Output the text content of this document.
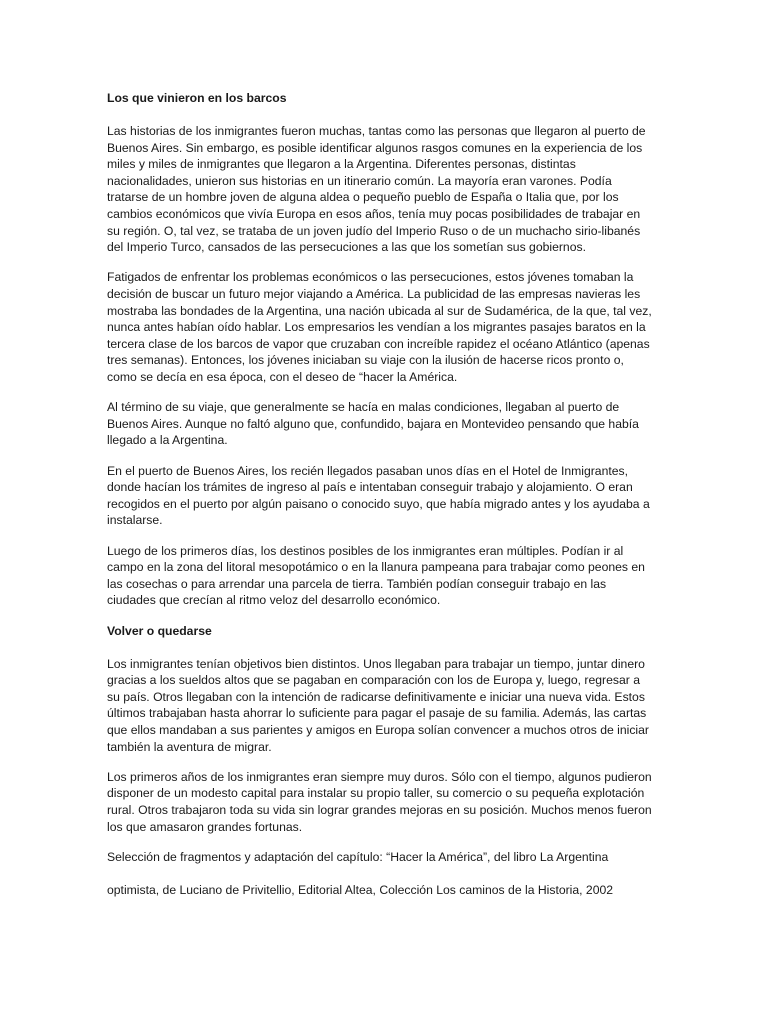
Los que vinieron en los barcos

Las historias de los inmigrantes fueron muchas, tantas como las personas que llegaron al puerto de Buenos Aires. Sin embargo, es posible identificar algunos rasgos comunes en la experiencia de los miles y miles de inmigrantes que llegaron a la Argentina. Diferentes personas, distintas nacionalidades, unieron sus historias en un itinerario común. La mayoría eran varones. Podía tratarse de un hombre joven de alguna aldea o pequeño pueblo de España o Italia que, por los cambios económicos que vivía Europa en esos años, tenía muy pocas posibilidades de trabajar en su región. O, tal vez, se trataba de un joven judío del Imperio Ruso o de un muchacho sirio-libanés del Imperio Turco, cansados de las persecuciones a las que los sometían sus gobiernos.

Fatigados de enfrentar los problemas económicos o las persecuciones, estos jóvenes tomaban la decisión de buscar un futuro mejor viajando a América. La publicidad de las empresas navieras les mostraba las bondades de la Argentina, una nación ubicada al sur de Sudamérica, de la que, tal vez, nunca antes habían oído hablar. Los empresarios les vendían a los migrantes pasajes baratos en la tercera clase de los barcos de vapor que cruzaban con increíble rapidez el océano Atlántico (apenas tres semanas). Entonces, los jóvenes iniciaban su viaje con la ilusión de hacerse ricos pronto o, como se decía en esa época, con el deseo de “hacer la América.

Al término de su viaje, que generalmente se hacía en malas condiciones, llegaban al puerto de Buenos Aires. Aunque no faltó alguno que, confundido, bajara en Montevideo pensando que había llegado a la Argentina.

En el puerto de Buenos Aires, los recién llegados pasaban unos días en el Hotel de Inmigrantes, donde hacían los trámites de ingreso al país e intentaban conseguir trabajo y alojamiento. O eran recogidos en el puerto por algún paisano o conocido suyo, que había migrado antes y los ayudaba a instalarse.

Luego de los primeros días, los destinos posibles de los inmigrantes eran múltiples. Podían ir al campo en la zona del litoral mesopotámico o en la llanura pampeana para trabajar como peones en las cosechas o para arrendar una parcela de tierra. También podían conseguir trabajo en las ciudades que crecían al ritmo veloz del desarrollo económico.

Volver o quedarse

Los inmigrantes tenían objetivos bien distintos. Unos llegaban para trabajar un tiempo, juntar dinero gracias a los sueldos altos que se pagaban en comparación con los de Europa y, luego, regresar a su país. Otros llegaban con la intención de radicarse definitivamente e iniciar una nueva vida. Estos últimos trabajaban hasta ahorrar lo suficiente para pagar el pasaje de su familia. Además, las cartas que ellos mandaban a sus parientes y amigos en Europa solían convencer a muchos otros de iniciar también la aventura de migrar.

Los primeros años de los inmigrantes eran siempre muy duros. Sólo con el tiempo, algunos pudieron disponer de un modesto capital para instalar su propio taller, su comercio o su pequeña explotación rural. Otros trabajaron toda su vida sin lograr grandes mejoras en su posición. Muchos menos fueron los que amasaron grandes fortunas.

Selección de fragmentos y adaptación del capítulo: “Hacer la América”, del libro La Argentina

optimista, de Luciano de Privitellio, Editorial Altea, Colección Los caminos de la Historia, 2002
